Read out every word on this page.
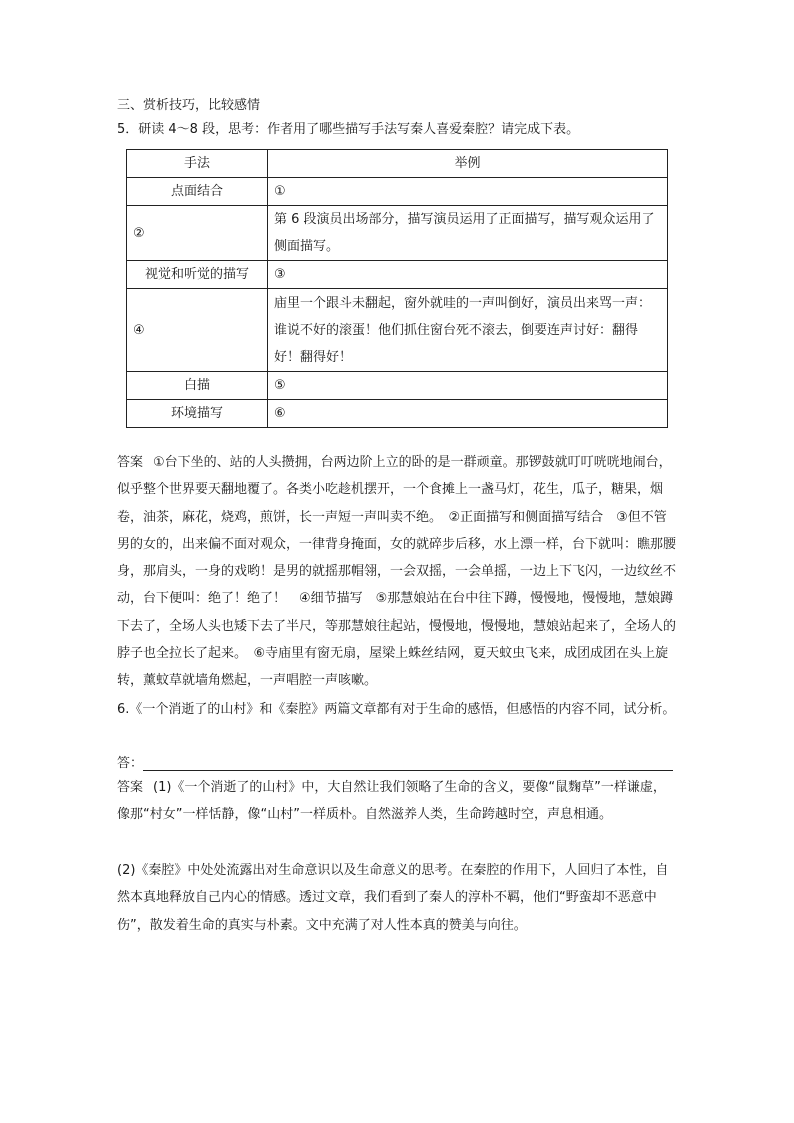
三、赏析技巧，比较感情
5．研读 4～8 段，思考：作者用了哪些描写手法写秦人喜爱秦腔？请完成下表。
手法	举例
点面结合	①
②	第 6 段演员出场部分，描写演员运用了正面描写，描写观众运用了侧面描写。
视觉和听觉的描写	③
④	庙里一个跟斗未翻起，窗外就哇的一声叫倒好，演员出来骂一声：谁说不好的滚蛋！他们抓住窗台死不滚去，倒要连声讨好：翻得好！翻得好！
白描	⑤
环境描写	⑥
答案 ①台下坐的、站的人头攒拥，台两边阶上立的卧的是一群顽童。那锣鼓就叮叮咣咣地闹台，似乎整个世界要天翻地覆了。各类小吃趁机摆开，一个食摊上一盏马灯，花生，瓜子，糖果，烟卷，油茶，麻花，烧鸡，煎饼，长一声短一声叫卖不绝。　②正面描写和侧面描写结合　③但不管男的女的，出来偏不面对观众，一律背身掩面，女的就碎步后移，水上漂一样，台下就叫：瞧那腰身，那肩头，一身的戏哟！是男的就摇那帽翎，一会双摇，一会单摇，一边上下飞闪，一边纹丝不动，台下便叫：绝了！绝了！　④细节描写　⑤那慧娘站在台中往下蹲，慢慢地，慢慢地，慧娘蹲下去了，全场人头也矮下去了半尺，等那慧娘往起站，慢慢地，慢慢地，慧娘站起来了，全场人的脖子也全拉长了起来。　⑥寺庙里有窗无扇，屋梁上蛛丝结网，夏天蚊虫飞来，成团成团在头上旋转，薰蚊草就墙角燃起，一声唱腔一声咳嗽。
6.《一个消逝了的山村》和《秦腔》两篇文章都有对于生命的感悟，但感悟的内容不同，试分析。
答：
答案 (1)《一个消逝了的山村》中，大自然让我们领略了生命的含义，要像“鼠麴草”一样谦虚，像那“村女”一样恬静，像“山村”一样质朴。自然滋养人类，生命跨越时空，声息相通。
(2)《秦腔》中处处流露出对生命意识以及生命意义的思考。在秦腔的作用下，人回归了本性，自然本真地释放自己内心的情感。透过文章，我们看到了秦人的淳朴不羁，他们“野蛮却不恶意中伤”，散发着生命的真实与朴素。文中充满了对人性本真的赞美与向往。
